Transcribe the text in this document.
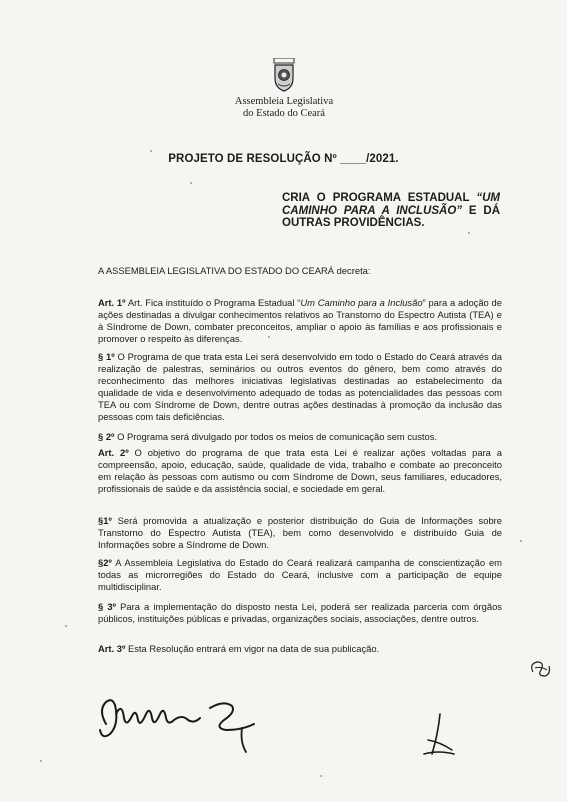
Assembleia Legislativa
do Estado do Ceará
PROJETO DE RESOLUÇÃO Nº ____/2021.
CRIA O PROGRAMA ESTADUAL “UM CAMINHO PARA A INCLUSÃO” E DÁ OUTRAS PROVIDÊNCIAS.
A ASSEMBLEIA LEGISLATIVA DO ESTADO DO CEARÁ decreta:
Art. 1º Art. Fica instituído o Programa Estadual “Um Caminho para a Inclusão” para a adoção de ações destinadas a divulgar conhecimentos relativos ao Transtorno do Espectro Autista (TEA) e à Síndrome de Down, combater preconceitos, ampliar o apoio às famílias e aos profissionais e promover o respeito às diferenças.
§ 1º O Programa de que trata esta Lei será desenvolvido em todo o Estado do Ceará através da realização de palestras, seminários ou outros eventos do gênero, bem como através do reconhecimento das melhores iniciativas legislativas destinadas ao estabelecimento da qualidade de vida e desenvolvimento adequado de todas as potencialidades das pessoas com TEA ou com Síndrome de Down, dentre outras ações destinadas à promoção da inclusão das pessoas com tais deficiências.
§ 2º O Programa será divulgado por todos os meios de comunicação sem custos.
Art. 2º O objetivo do programa de que trata esta Lei é realizar ações voltadas para a compreensão, apoio, educação, saúde, qualidade de vida, trabalho e combate ao preconceito em relação às pessoas com autismo ou com Síndrome de Down, seus familiares, educadores, profissionais de saúde e da assistência social, e sociedade em geral.
§1º Será promovida a atualização e posterior distribuição do Guia de Informações sobre Transtorno do Espectro Autista (TEA), bem como desenvolvido e distribuído Guia de Informações sobre a Síndrome de Down.
§2º A Assembleia Legislativa do Estado do Ceará realizará campanha de conscientização em todas as microrregiões do Estado do Ceará, inclusive com a participação de equipe multidisciplinar.
§ 3º Para a implementação do disposto nesta Lei, poderá ser realizada parceria com órgãos públicos, instituições públicas e privadas, organizações sociais, associações, dentre outros.
Art. 3º Esta Resolução entrará em vigor na data de sua publicação.
